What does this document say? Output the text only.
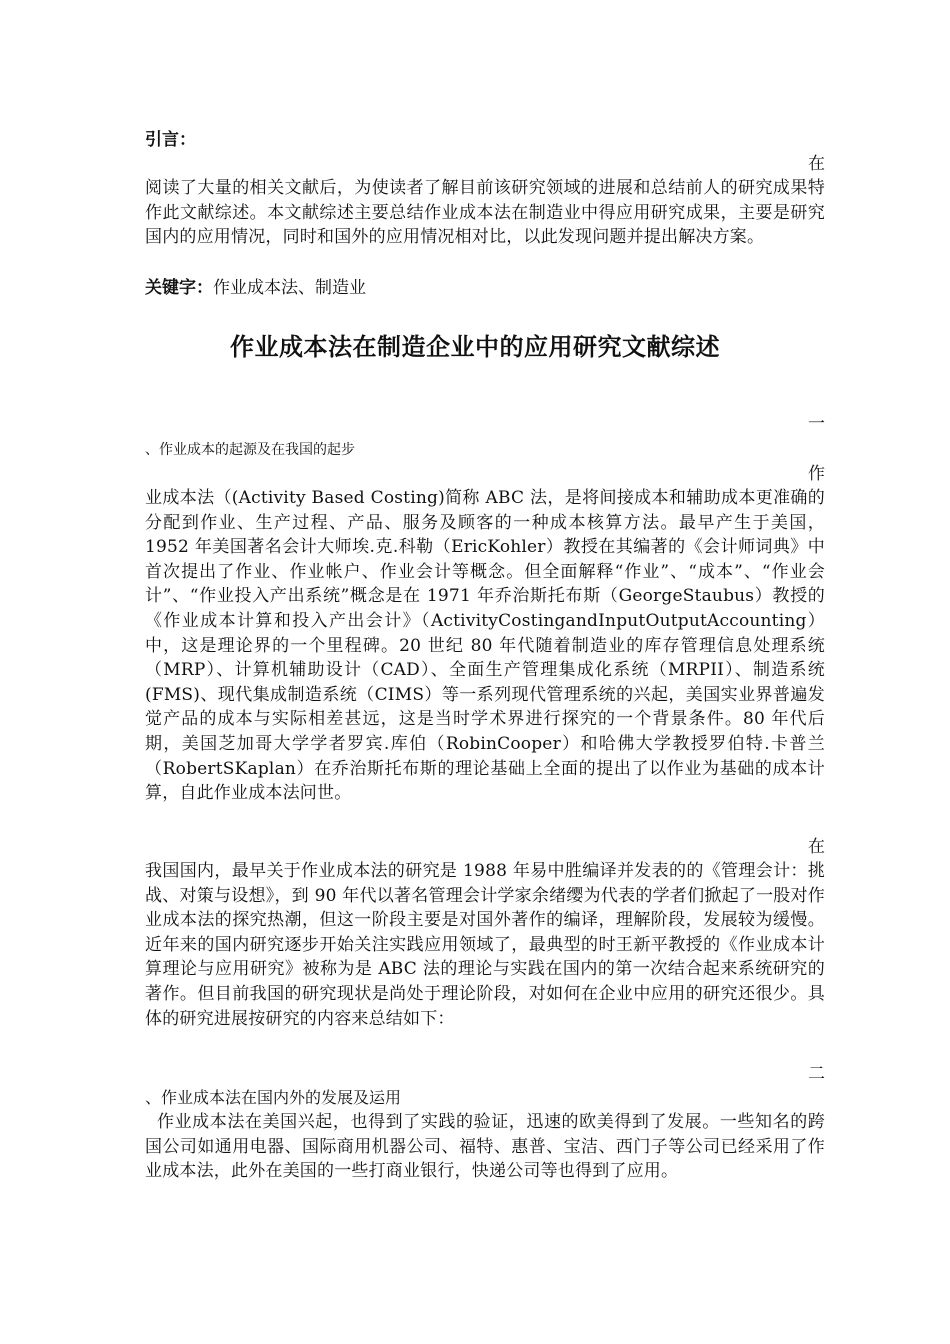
引言：
在
阅读了大量的相关文献后，为使读者了解目前该研究领域的进展和总结前人的研究成果特作此文献综述。本文献综述主要总结作业成本法在制造业中得应用研究成果，主要是研究国内的应用情况，同时和国外的应用情况相对比，以此发现问题并提出解决方案。
关键字：作业成本法、制造业
作业成本法在制造企业中的应用研究文献综述
一
、作业成本的起源及在我国的起步
作
业成本法（(Activity Based Costing)简称 ABC 法，是将间接成本和辅助成本更准确的分配到作业、生产过程、产品、服务及顾客的一种成本核算方法。最早产生于美国，1952 年美国著名会计大师埃.克.科勒（EricKohler）教授在其编著的《会计师词典》中首次提出了作业、作业帐户、作业会计等概念。但全面解释“作业”、“成本”、“作业会计”、“作业投入产出系统”概念是在 1971 年乔治斯托布斯（GeorgeStaubus）教授的《作业成本计算和投入产出会计》（ActivityCostingandInputOutputAccounting）中，这是理论界的一个里程碑。20 世纪 80 年代随着制造业的库存管理信息处理系统（MRP）、计算机辅助设计（CAD）、全面生产管理集成化系统（MRPII）、制造系统(FMS)、现代集成制造系统（CIMS）等一系列现代管理系统的兴起，美国实业界普遍发觉产品的成本与实际相差甚远，这是当时学术界进行探究的一个背景条件。80 年代后期，美国芝加哥大学学者罗宾.库伯（RobinCooper）和哈佛大学教授罗伯特.卡普兰（RobertSKaplan）在乔治斯托布斯的理论基础上全面的提出了以作业为基础的成本计算，自此作业成本法问世。
在
我国国内，最早关于作业成本法的研究是 1988 年易中胜编译并发表的的《管理会计：挑战、对策与设想》，到 90 年代以著名管理会计学家余绪缨为代表的学者们掀起了一股对作业成本法的探究热潮，但这一阶段主要是对国外著作的编译，理解阶段，发展较为缓慢。近年来的国内研究逐步开始关注实践应用领域了，最典型的时王新平教授的《作业成本计算理论与应用研究》被称为是 ABC 法的理论与实践在国内的第一次结合起来系统研究的著作。但目前我国的研究现状是尚处于理论阶段，对如何在企业中应用的研究还很少。具体的研究进展按研究的内容来总结如下：
二
、作业成本法在国内外的发展及运用
作业成本法在美国兴起，也得到了实践的验证，迅速的欧美得到了发展。一些知名的跨国公司如通用电器、国际商用机器公司、福特、惠普、宝洁、西门子等公司已经采用了作业成本法，此外在美国的一些打商业银行，快递公司等也得到了应用。
